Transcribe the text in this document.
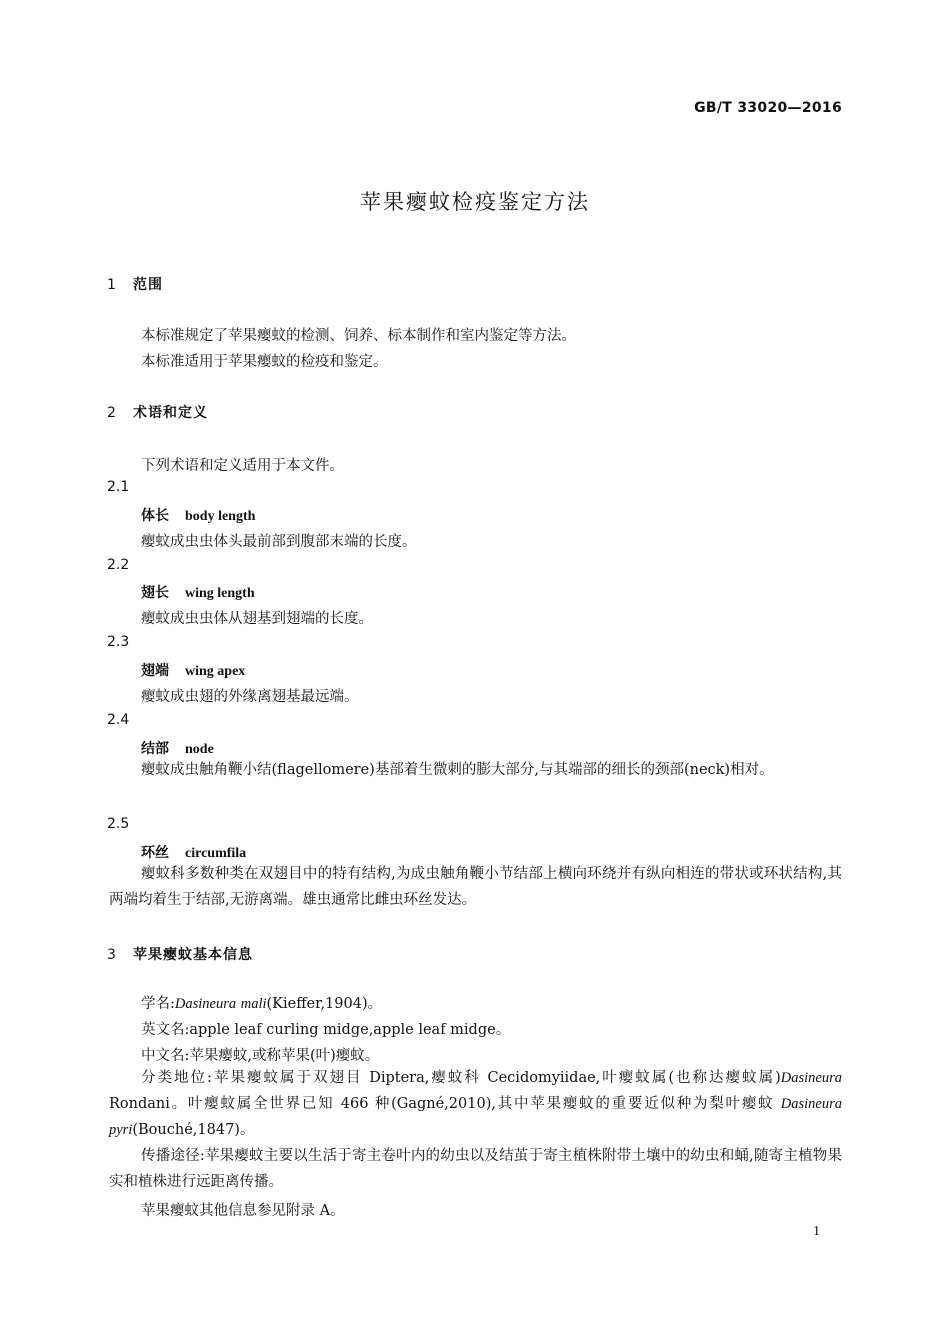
GB/T 33020—2016
苹果瘿蚊检疫鉴定方法
1 范围
本标准规定了苹果瘿蚊的检测、饲养、标本制作和室内鉴定等方法。
本标准适用于苹果瘿蚊的检疫和鉴定。
2 术语和定义
下列术语和定义适用于本文件。
2.1
体长 body length
瘿蚊成虫虫体头最前部到腹部末端的长度。
2.2
翅长 wing length
瘿蚊成虫虫体从翅基到翅端的长度。
2.3
翅端 wing apex
瘿蚊成虫翅的外缘离翅基最远端。
2.4
结部 node
瘿蚊成虫触角鞭小结(flagellomere)基部着生微刺的膨大部分,与其端部的细长的颈部(neck)相对。
2.5
环丝 circumfila
瘿蚊科多数种类在双翅目中的特有结构,为成虫触角鞭小节结部上横向环绕并有纵向相连的带状或环状结构,其两端均着生于结部,无游离端。雄虫通常比雌虫环丝发达。
3 苹果瘿蚊基本信息
学名:Dasineura mali(Kieffer,1904)。
英文名:apple leaf curling midge,apple leaf midge。
中文名:苹果瘿蚊,或称苹果(叶)瘿蚊。
分类地位:苹果瘿蚊属于双翅目 Diptera,瘿蚊科 Cecidomyiidae,叶瘿蚊属(也称达瘿蚊属)Dasineura Rondani。叶瘿蚊属全世界已知 466 种(Gagné,2010),其中苹果瘿蚊的重要近似种为梨叶瘿蚊 Dasineura pyri(Bouché,1847)。
传播途径:苹果瘿蚊主要以生活于寄主卷叶内的幼虫以及结茧于寄主植株附带土壤中的幼虫和蛹,随寄主植物果实和植株进行远距离传播。
苹果瘿蚊其他信息参见附录 A。
1
